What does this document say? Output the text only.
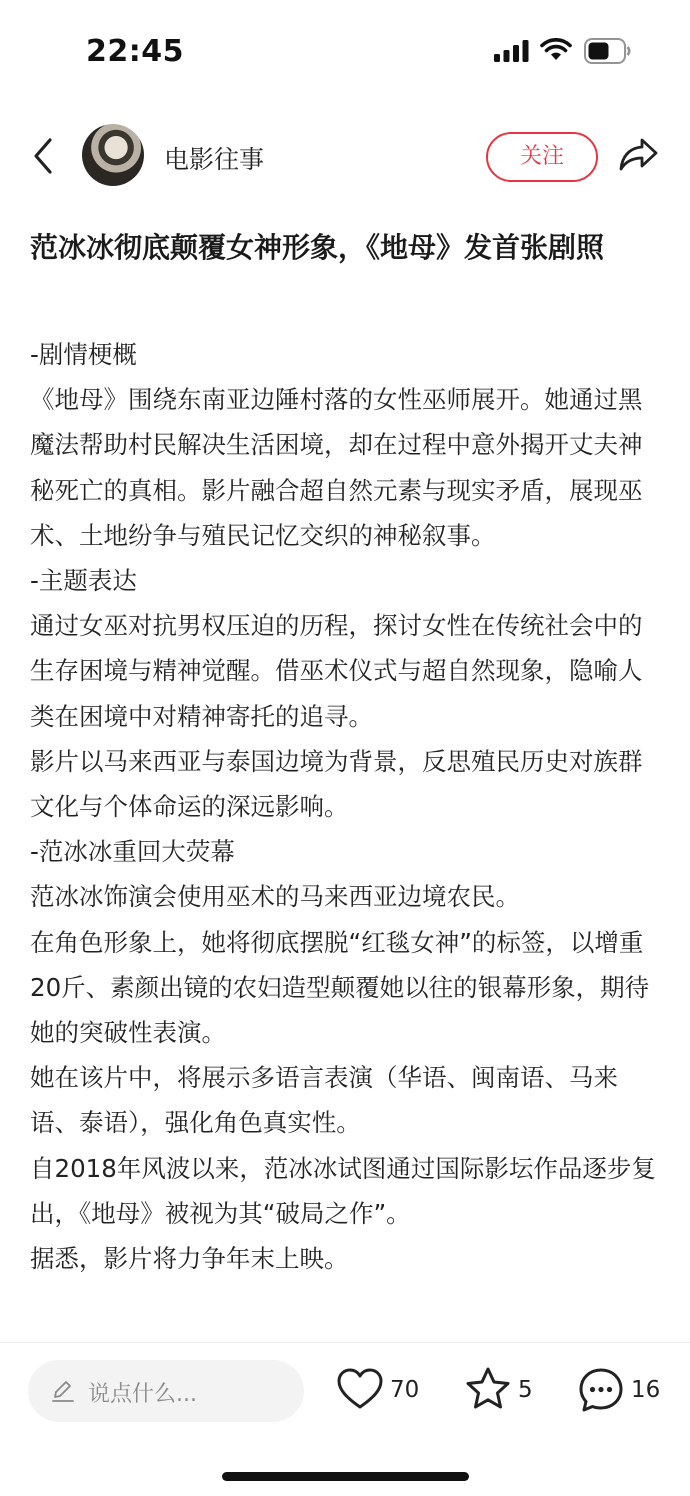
22:45
电影往事	关注
范冰冰彻底颠覆女神形象，《地母》发首张剧照

-剧情梗概

《地母》围绕东南亚边陲村落的女性巫师展开。她通过黑魔法帮助村民解决生活困境，却在过程中意外揭开丈夫神秘死亡的真相。影片融合超自然元素与现实矛盾，展现巫术、土地纷争与殖民记忆交织的神秘叙事。

-主题表达

通过女巫对抗男权压迫的历程，探讨女性在传统社会中的生存困境与精神觉醒。借巫术仪式与超自然现象，隐喻人类在困境中对精神寄托的追寻。

影片以马来西亚与泰国边境为背景，反思殖民历史对族群文化与个体命运的深远影响。

-范冰冰重回大荧幕

范冰冰饰演会使用巫术的马来西亚边境农民。

在角色形象上，她将彻底摆脱“红毯女神”的标签，以增重20斤、素颜出镜的农妇造型颠覆她以往的银幕形象，期待她的突破性表演。

她在该片中，将展示多语言表演（华语、闽南语、马来语、泰语），强化角色真实性。

自2018年风波以来，范冰冰试图通过国际影坛作品逐步复出，《地母》被视为其“破局之作”。

据悉，影片将力争年末上映。

说点什么...	70	5	16
